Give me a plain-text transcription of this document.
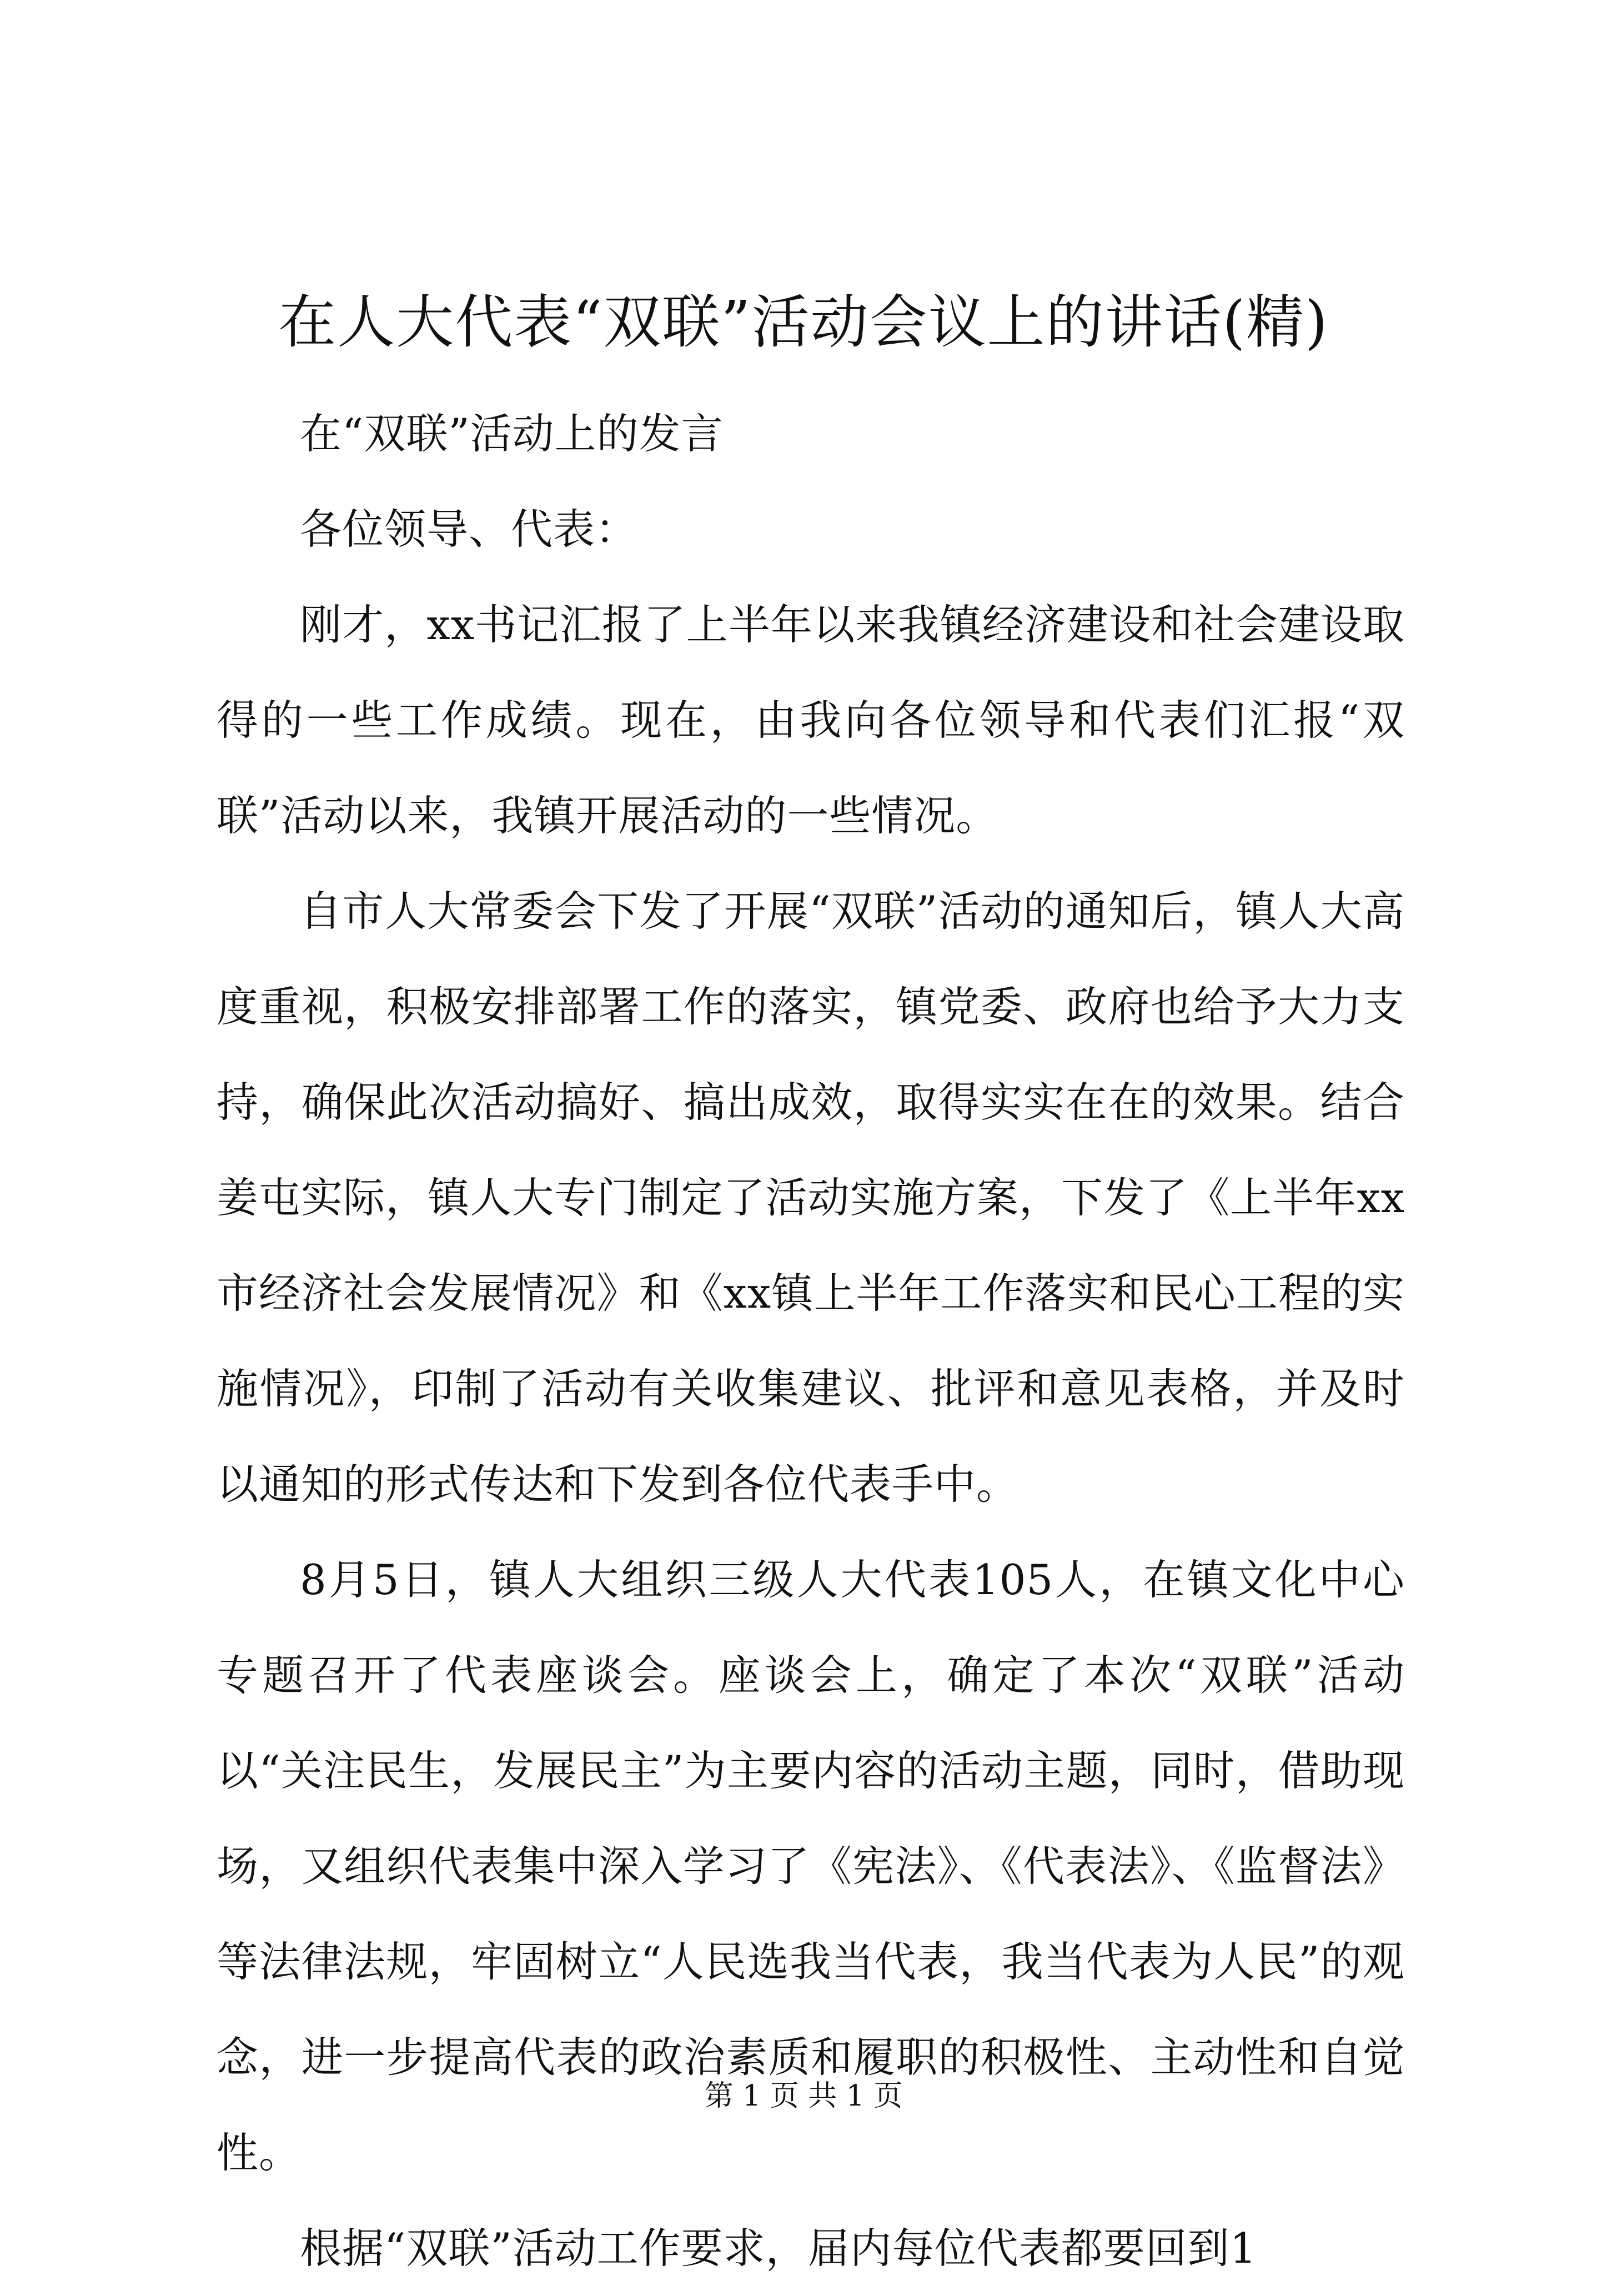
在人大代表“双联”活动会议上的讲话(精)

在“双联”活动上的发言

各位领导、代表：

刚才，xx书记汇报了上半年以来我镇经济建设和社会建设取得的一些工作成绩。现在，由我向各位领导和代表们汇报“双联”活动以来，我镇开展活动的一些情况。

自市人大常委会下发了开展“双联”活动的通知后，镇人大高度重视，积极安排部署工作的落实，镇党委、政府也给予大力支持，确保此次活动搞好、搞出成效，取得实实在在的效果。结合姜屯实际，镇人大专门制定了活动实施方案，下发了《上半年xx市经济社会发展情况》和《xx镇上半年工作落实和民心工程的实施情况》，印制了活动有关收集建议、批评和意见表格，并及时以通知的形式传达和下发到各位代表手中。

8月5日，镇人大组织三级人大代表105人，在镇文化中心专题召开了代表座谈会。座谈会上，确定了本次“双联”活动以“关注民生，发展民主”为主要内容的活动主题，同时，借助现场，又组织代表集中深入学习了《宪法》、《代表法》、《监督法》等法律法规，牢固树立“人民选我当代表，我当代表为人民”的观念，进一步提高代表的政治素质和履职的积极性、主动性和自觉性。

根据“双联”活动工作要求，届内每位代表都要回到1

第 1 页 共 1 页
